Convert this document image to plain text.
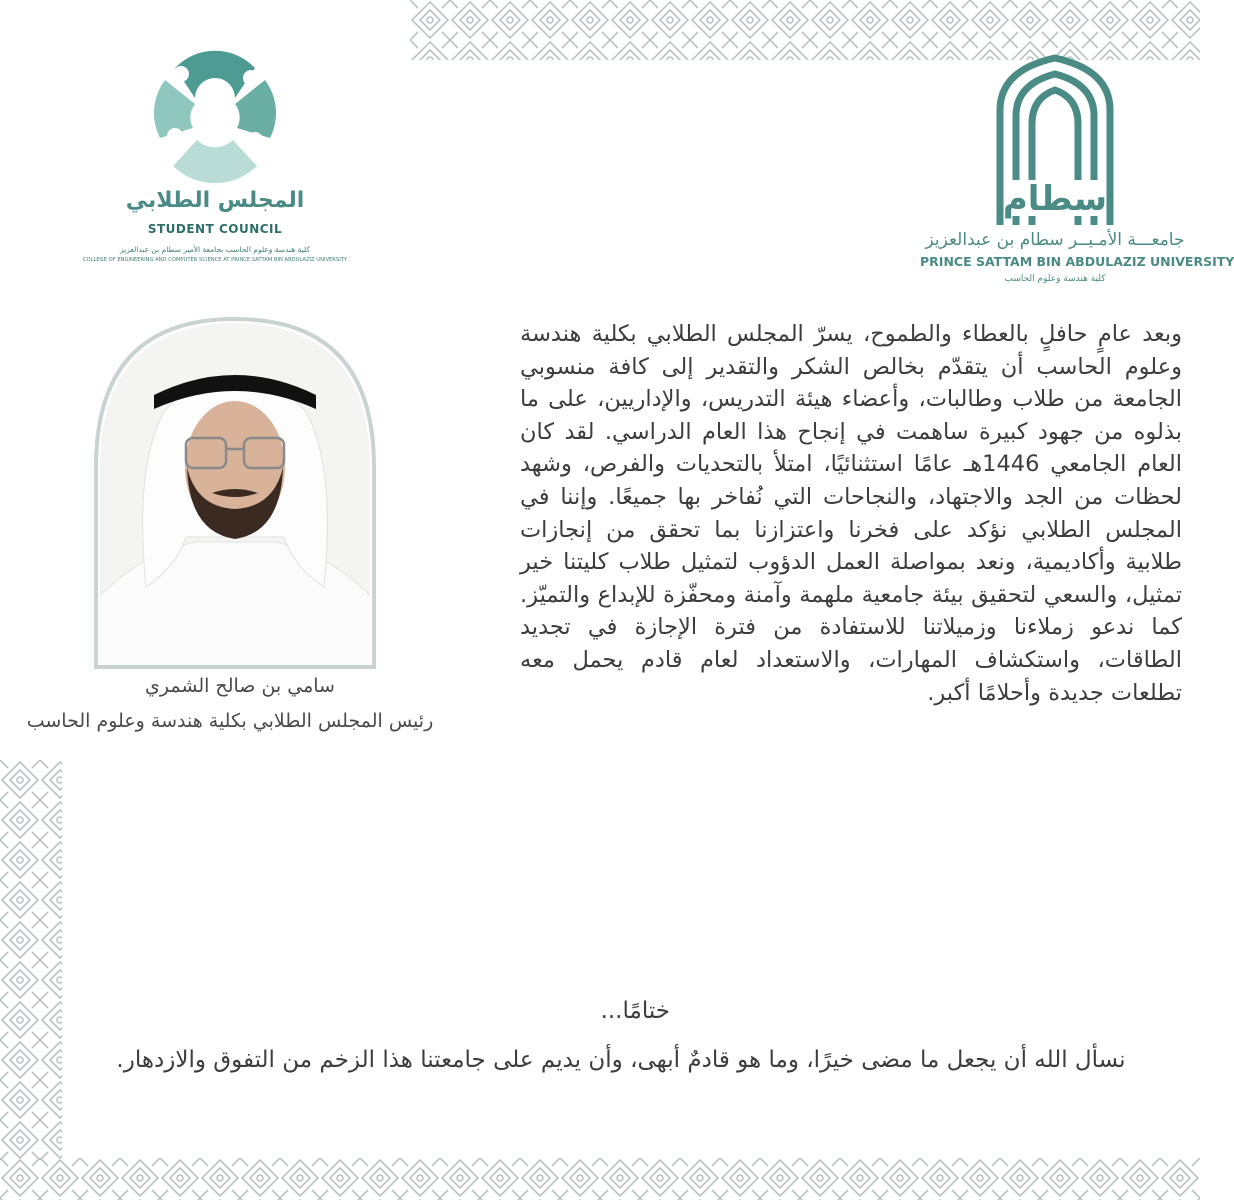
المجلس الطلابي
STUDENT COUNCIL
كلية هندسة وعلوم الحاسب بجامعة الأمير سطام بن عبدالعزيز
COLLEGE OF ENGINEERING AND COMPUTER SCIENCE AT PRINCE SATTAM BIN ABDULAZIZ UNIVERSITY
سطام
جامعـــة الأمـيــر سطام بن عبدالعزيز
PRINCE SATTAM BIN ABDULAZIZ UNIVERSITY
كلية هندسة وعلوم الحاسب
سامي بن صالح الشمري
رئيس المجلس الطلابي بكلية هندسة وعلوم الحاسب
وبعد عامٍ حافلٍ بالعطاء والطموح، يسرّ المجلس الطلابي بكلية هندسة وعلوم الحاسب أن يتقدّم بخالص الشكر والتقدير إلى كافة منسوبي الجامعة من طلاب وطالبات، وأعضاء هيئة التدريس، والإداريين، على ما بذلوه من جهود كبيرة ساهمت في إنجاح هذا العام الدراسي. لقد كان العام الجامعي 1446هـ عامًا استثنائيًا، امتلأ بالتحديات والفرص، وشهد لحظات من الجد والاجتهاد، والنجاحات التي نُفاخر بها جميعًا. وإننا في المجلس الطلابي نؤكد على فخرنا واعتزازنا بما تحقق من إنجازات طلابية وأكاديمية، ونعد بمواصلة العمل الدؤوب لتمثيل طلاب كليتنا خير تمثيل، والسعي لتحقيق بيئة جامعية ملهمة وآمنة ومحفّزة للإبداع والتميّز. كما ندعو زملاءنا وزميلاتنا للاستفادة من فترة الإجازة في تجديد الطاقات، واستكشاف المهارات، والاستعداد لعام قادم يحمل معه تطلعات جديدة وأحلامًا أكبر.
ختامًا...
نسأل الله أن يجعل ما مضى خيرًا، وما هو قادمٌ أبهى، وأن يديم على جامعتنا هذا الزخم من التفوق والازدهار.
